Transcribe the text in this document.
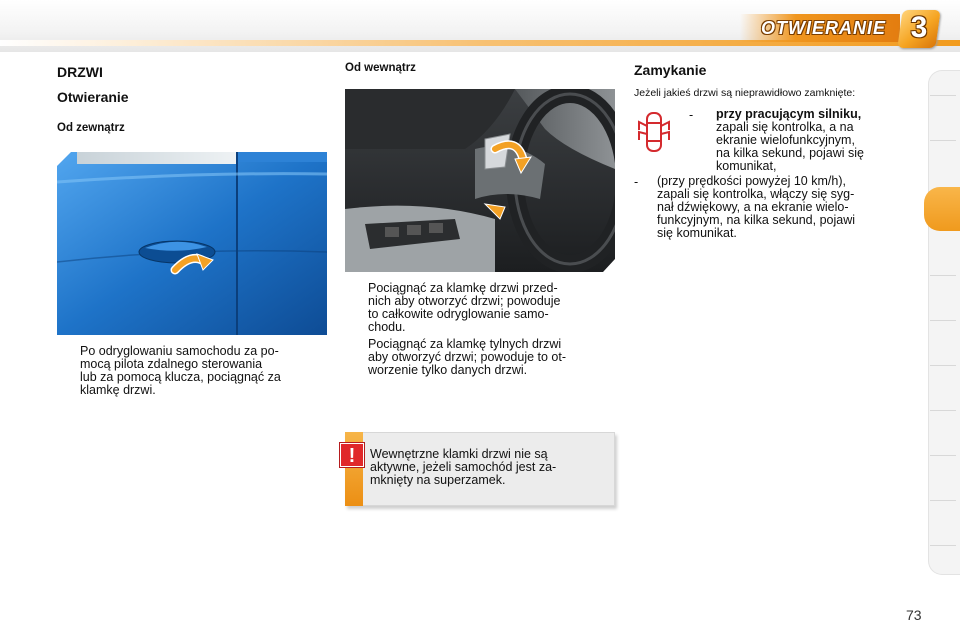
OTWIERANIE 3
DRZWI
Otwieranie
Od zewnątrz
Po odryglowaniu samochodu za po-
mocą pilota zdalnego sterowania
lub za pomocą klucza, pociągnąć za
klamkę drzwi.
Od wewnątrz
Pociągnąć za klamkę drzwi przed-
nich aby otworzyć drzwi; powoduje
to całkowite odryglowanie samo-
chodu.
Pociągnąć za klamkę tylnych drzwi
aby otworzyć drzwi; powoduje to ot-
worzenie tylko danych drzwi.
!	Wewnętrzne klamki drzwi nie są
aktywne, jeżeli samochód jest za-
mknięty na superzamek.
Zamykanie
Jeżeli jakieś drzwi są nieprawidłowo zamknięte:
- przy pracującym silniku,
zapali się kontrolka, a na
ekranie wielofunkcyjnym,
na kilka sekund, pojawi się
komunikat,
- (przy prędkości powyżej 10 km/h),
zapali się kontrolka, włączy się syg-
nał dźwiękowy, a na ekranie wielo-
funkcyjnym, na kilka sekund, pojawi
się komunikat.
73
